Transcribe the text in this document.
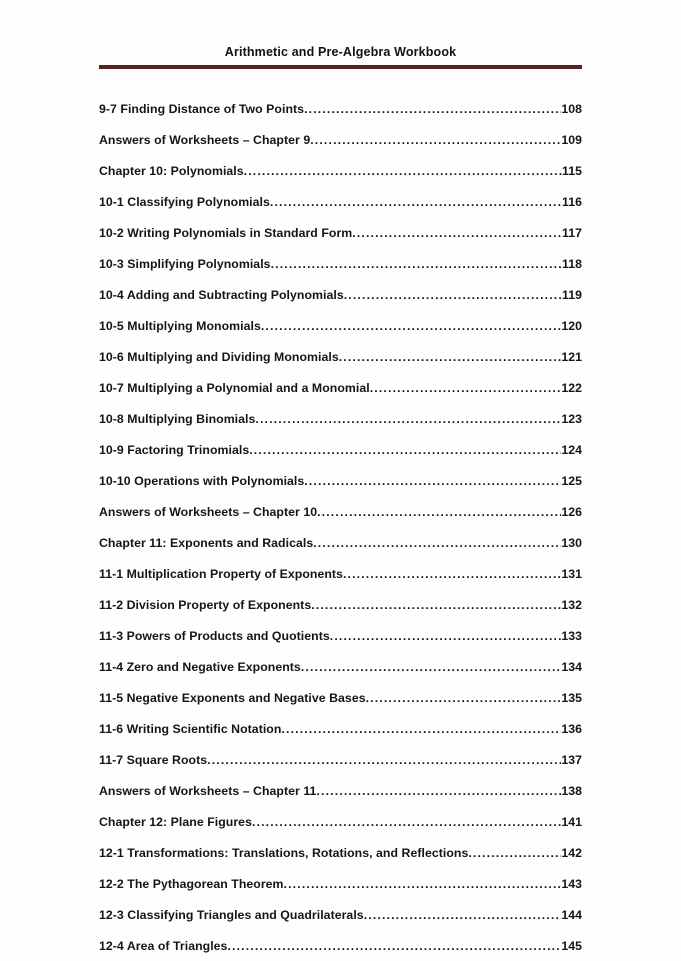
Arithmetic and Pre-Algebra Workbook
9-7 Finding Distance of Two Points .....	108
Answers of Worksheets – Chapter 9 .....	109
Chapter 10: Polynomials .....	115
10-1 Classifying Polynomials .....	116
10-2 Writing Polynomials in Standard Form .....	117
10-3 Simplifying Polynomials .....	118
10-4 Adding and Subtracting Polynomials .....	119
10-5 Multiplying Monomials .....	120
10-6 Multiplying and Dividing Monomials .....	121
10-7 Multiplying a Polynomial and a Monomial .....	122
10-8 Multiplying Binomials .....	123
10-9 Factoring Trinomials .....	124
10-10 Operations with Polynomials .....	125
Answers of Worksheets – Chapter 10 .....	126
Chapter 11: Exponents and Radicals .....	130
11-1 Multiplication Property of Exponents .....	131
11-2 Division Property of Exponents .....	132
11-3 Powers of Products and Quotients .....	133
11-4 Zero and Negative Exponents .....	134
11-5 Negative Exponents and Negative Bases .....	135
11-6 Writing Scientific Notation .....	136
11-7 Square Roots .....	137
Answers of Worksheets – Chapter 11 .....	138
Chapter 12: Plane Figures .....	141
12-1 Transformations: Translations, Rotations, and Reflections .....	142
12-2 The Pythagorean Theorem .....	143
12-3 Classifying Triangles and Quadrilaterals .....	144
12-4 Area of Triangles .....	145
